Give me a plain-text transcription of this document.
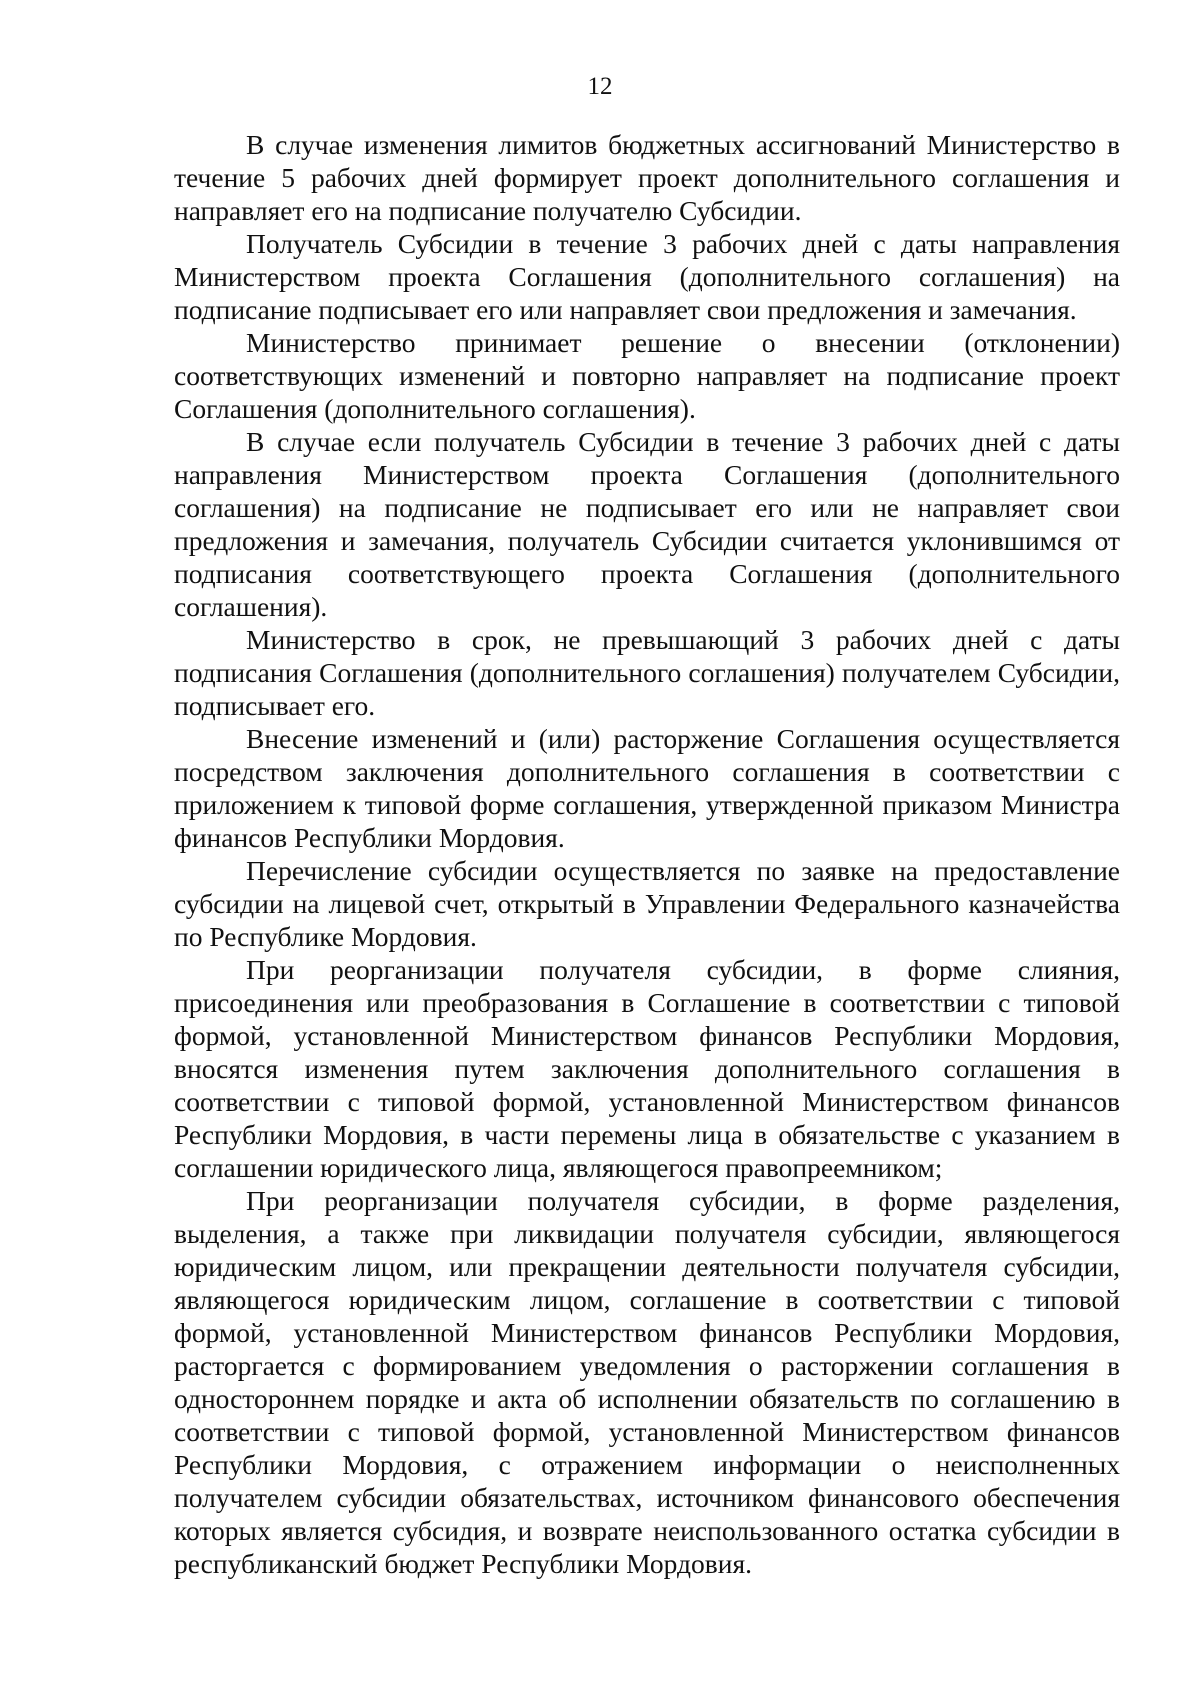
12

В случае изменения лимитов бюджетных ассигнований Министерство в течение 5 рабочих дней формирует проект дополнительного соглашения и направляет его на подписание получателю Субсидии.

Получатель Субсидии в течение 3 рабочих дней с даты направления Министерством проекта Соглашения (дополнительного соглашения) на подписание подписывает его или направляет свои предложения и замечания.

Министерство принимает решение о внесении (отклонении) соответствующих изменений и повторно направляет на подписание проект Соглашения (дополнительного соглашения).

В случае если получатель Субсидии в течение 3 рабочих дней с даты направления Министерством проекта Соглашения (дополнительного соглашения) на подписание не подписывает его или не направляет свои предложения и замечания, получатель Субсидии считается уклонившимся от подписания соответствующего проекта Соглашения (дополнительного соглашения).

Министерство в срок, не превышающий 3 рабочих дней с даты подписания Соглашения (дополнительного соглашения) получателем Субсидии, подписывает его.

Внесение изменений и (или) расторжение Соглашения осуществляется посредством заключения дополнительного соглашения в соответствии с приложением к типовой форме соглашения, утвержденной приказом Министра финансов Республики Мордовия.

Перечисление субсидии осуществляется по заявке на предоставление субсидии на лицевой счет, открытый в Управлении Федерального казначейства по Республике Мордовия.

При реорганизации получателя субсидии, в форме слияния, присоединения или преобразования в Соглашение в соответствии с типовой формой, установленной Министерством финансов Республики Мордовия, вносятся изменения путем заключения дополнительного соглашения в соответствии с типовой формой, установленной Министерством финансов Республики Мордовия, в части перемены лица в обязательстве с указанием в соглашении юридического лица, являющегося правопреемником;

При реорганизации получателя субсидии, в форме разделения, выделения, а также при ликвидации получателя субсидии, являющегося юридическим лицом, или прекращении деятельности получателя субсидии, являющегося юридическим лицом, соглашение в соответствии с типовой формой, установленной Министерством финансов Республики Мордовия, расторгается с формированием уведомления о расторжении соглашения в одностороннем порядке и акта об исполнении обязательств по соглашению в соответствии с типовой формой, установленной Министерством финансов Республики Мордовия, с отражением информации о неисполненных получателем субсидии обязательствах, источником финансового обеспечения которых является субсидия, и возврате неиспользованного остатка субсидии в республиканский бюджет Республики Мордовия.
